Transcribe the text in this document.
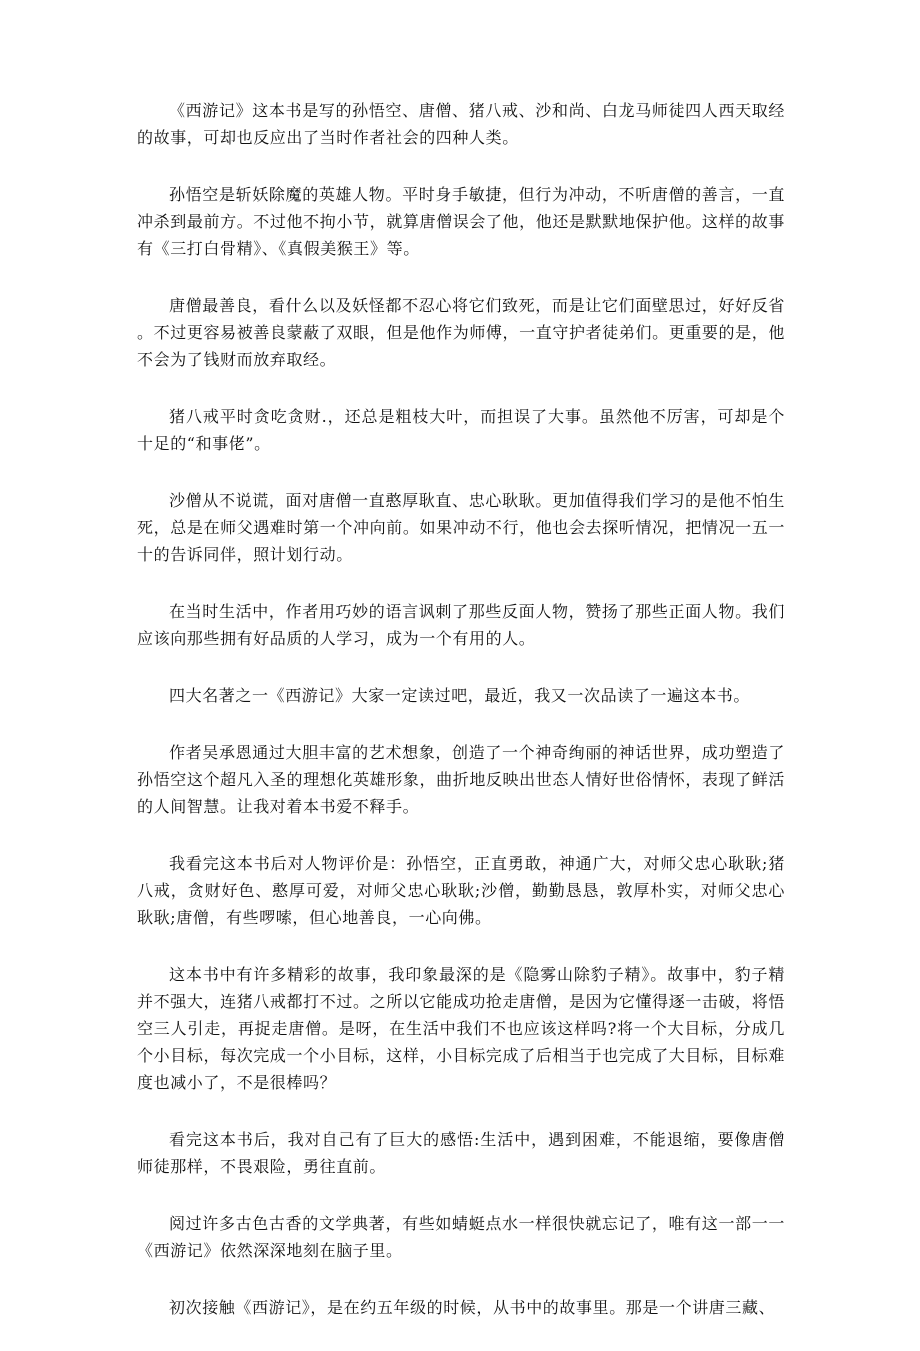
《西游记》这本书是写的孙悟空、唐僧、猪八戒、沙和尚、白龙马师徒四人西天取经的故事，可却也反应出了当时作者社会的四种人类。

孙悟空是斩妖除魔的英雄人物。平时身手敏捷，但行为冲动，不听唐僧的善言，一直冲杀到最前方。不过他不拘小节，就算唐僧误会了他，他还是默默地保护他。这样的故事有《三打白骨精》、《真假美猴王》等。

唐僧最善良，看什么以及妖怪都不忍心将它们致死，而是让它们面壁思过，好好反省。不过更容易被善良蒙蔽了双眼，但是他作为师傅，一直守护者徒弟们。更重要的是，他不会为了钱财而放弃取经。

猪八戒平时贪吃贪财.，还总是粗枝大叶，而担误了大事。虽然他不厉害，可却是个十足的“和事佬”。

沙僧从不说谎，面对唐僧一直憨厚耿直、忠心耿耿。更加值得我们学习的是他不怕生死，总是在师父遇难时第一个冲向前。如果冲动不行，他也会去探听情况，把情况一五一十的告诉同伴，照计划行动。

在当时生活中，作者用巧妙的语言讽刺了那些反面人物，赞扬了那些正面人物。我们应该向那些拥有好品质的人学习，成为一个有用的人。

四大名著之一《西游记》大家一定读过吧，最近，我又一次品读了一遍这本书。

作者吴承恩通过大胆丰富的艺术想象，创造了一个神奇绚丽的神话世界，成功塑造了孙悟空这个超凡入圣的理想化英雄形象，曲折地反映出世态人情好世俗情怀，表现了鲜活的人间智慧。让我对着本书爱不释手。

我看完这本书后对人物评价是：孙悟空，正直勇敢，神通广大，对师父忠心耿耿;猪八戒，贪财好色、憨厚可爱，对师父忠心耿耿;沙僧，勤勤恳恳，敦厚朴实，对师父忠心耿耿;唐僧，有些啰嗦，但心地善良，一心向佛。

这本书中有许多精彩的故事，我印象最深的是《隐雾山除豹子精》。故事中，豹子精并不强大，连猪八戒都打不过。之所以它能成功抢走唐僧，是因为它懂得逐一击破，将悟空三人引走，再捉走唐僧。是呀，在生活中我们不也应该这样吗?将一个大目标，分成几个小目标，每次完成一个小目标，这样，小目标完成了后相当于也完成了大目标，目标难度也减小了，不是很棒吗？

看完这本书后，我对自己有了巨大的感悟:生活中，遇到困难，不能退缩，要像唐僧师徒那样，不畏艰险，勇往直前。

阅过许多古色古香的文学典著，有些如蜻蜓点水一样很快就忘记了，唯有这一部一一《西游记》依然深深地刻在脑子里。

初次接触《西游记》，是在约五年级的时候，从书中的故事里。那是一个讲唐三藏、
